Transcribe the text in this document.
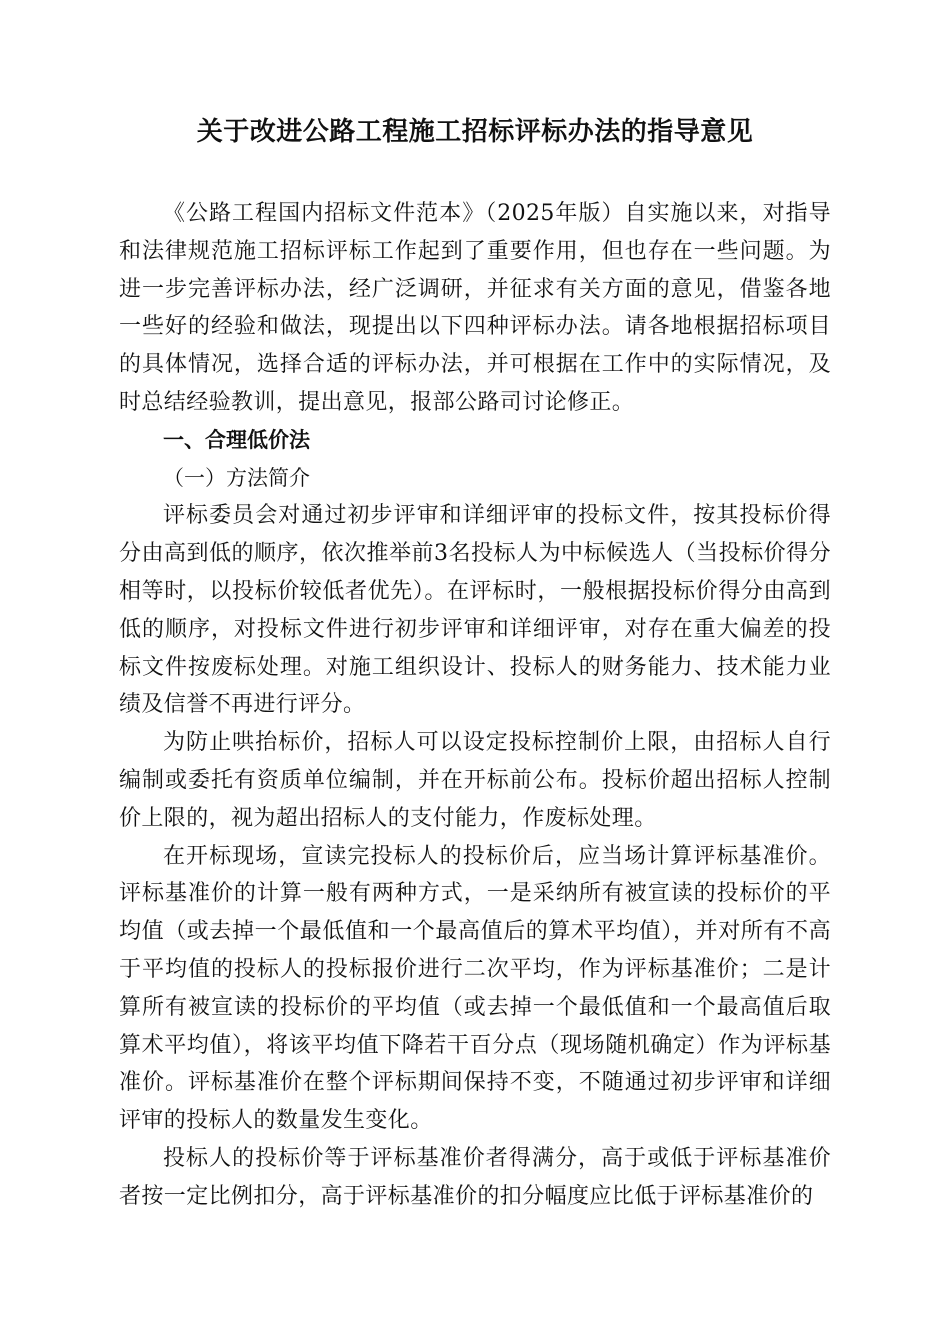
关于改进公路工程施工招标评标办法的指导意见

《公路工程国内招标文件范本》（2025年版）自实施以来，对指导和法律规范施工招标评标工作起到了重要作用，但也存在一些问题。为进一步完善评标办法，经广泛调研，并征求有关方面的意见，借鉴各地一些好的经验和做法，现提出以下四种评标办法。请各地根据招标项目的具体情况，选择合适的评标办法，并可根据在工作中的实际情况，及时总结经验教训，提出意见，报部公路司讨论修正。

一、合理低价法

（一）方法简介

评标委员会对通过初步评审和详细评审的投标文件，按其投标价得分由高到低的顺序，依次推举前3名投标人为中标候选人（当投标价得分相等时，以投标价较低者优先）。在评标时，一般根据投标价得分由高到低的顺序，对投标文件进行初步评审和详细评审，对存在重大偏差的投标文件按废标处理。对施工组织设计、投标人的财务能力、技术能力业绩及信誉不再进行评分。

为防止哄抬标价，招标人可以设定投标控制价上限，由招标人自行编制或委托有资质单位编制，并在开标前公布。投标价超出招标人控制价上限的，视为超出招标人的支付能力，作废标处理。

在开标现场，宣读完投标人的投标价后，应当场计算评标基准价。评标基准价的计算一般有两种方式，一是采纳所有被宣读的投标价的平均值（或去掉一个最低值和一个最高值后的算术平均值），并对所有不高于平均值的投标人的投标报价进行二次平均，作为评标基准价；二是计算所有被宣读的投标价的平均值（或去掉一个最低值和一个最高值后取算术平均值），将该平均值下降若干百分点（现场随机确定）作为评标基准价。评标基准价在整个评标期间保持不变，不随通过初步评审和详细评审的投标人的数量发生变化。

投标人的投标价等于评标基准价者得满分，高于或低于评标基准价者按一定比例扣分，高于评标基准价的扣分幅度应比低于评标基准价的
